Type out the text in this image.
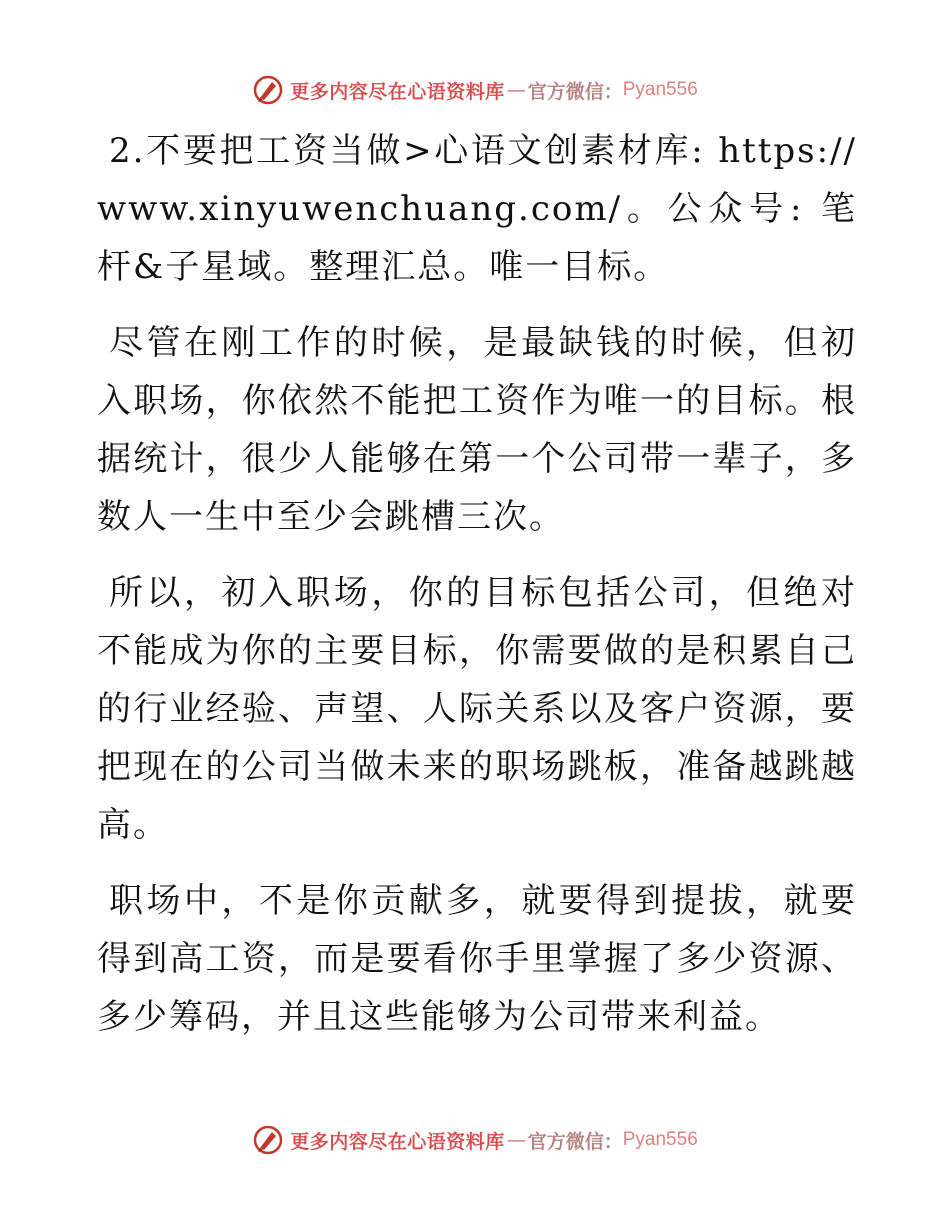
更多内容尽在心语资料库 — 官方微信： Pyan556

2.不要把工资当做>心语文创素材库: https://www.xinyuwenchuang.com/。公众号: 笔杆&子星域。整理汇总。唯一目标。

尽管在刚工作的时候，是最缺钱的时候，但初入职场，你依然不能把工资作为唯一的目标。根据统计，很少人能够在第一个公司带一辈子，多数人一生中至少会跳槽三次。

所以，初入职场，你的目标包括公司，但绝对不能成为你的主要目标，你需要做的是积累自己的行业经验、声望、人际关系以及客户资源，要把现在的公司当做未来的职场跳板，准备越跳越高。

职场中，不是你贡献多，就要得到提拔，就要得到高工资，而是要看你手里掌握了多少资源、多少筹码，并且这些能够为公司带来利益。

更多内容尽在心语资料库 — 官方微信： Pyan556
